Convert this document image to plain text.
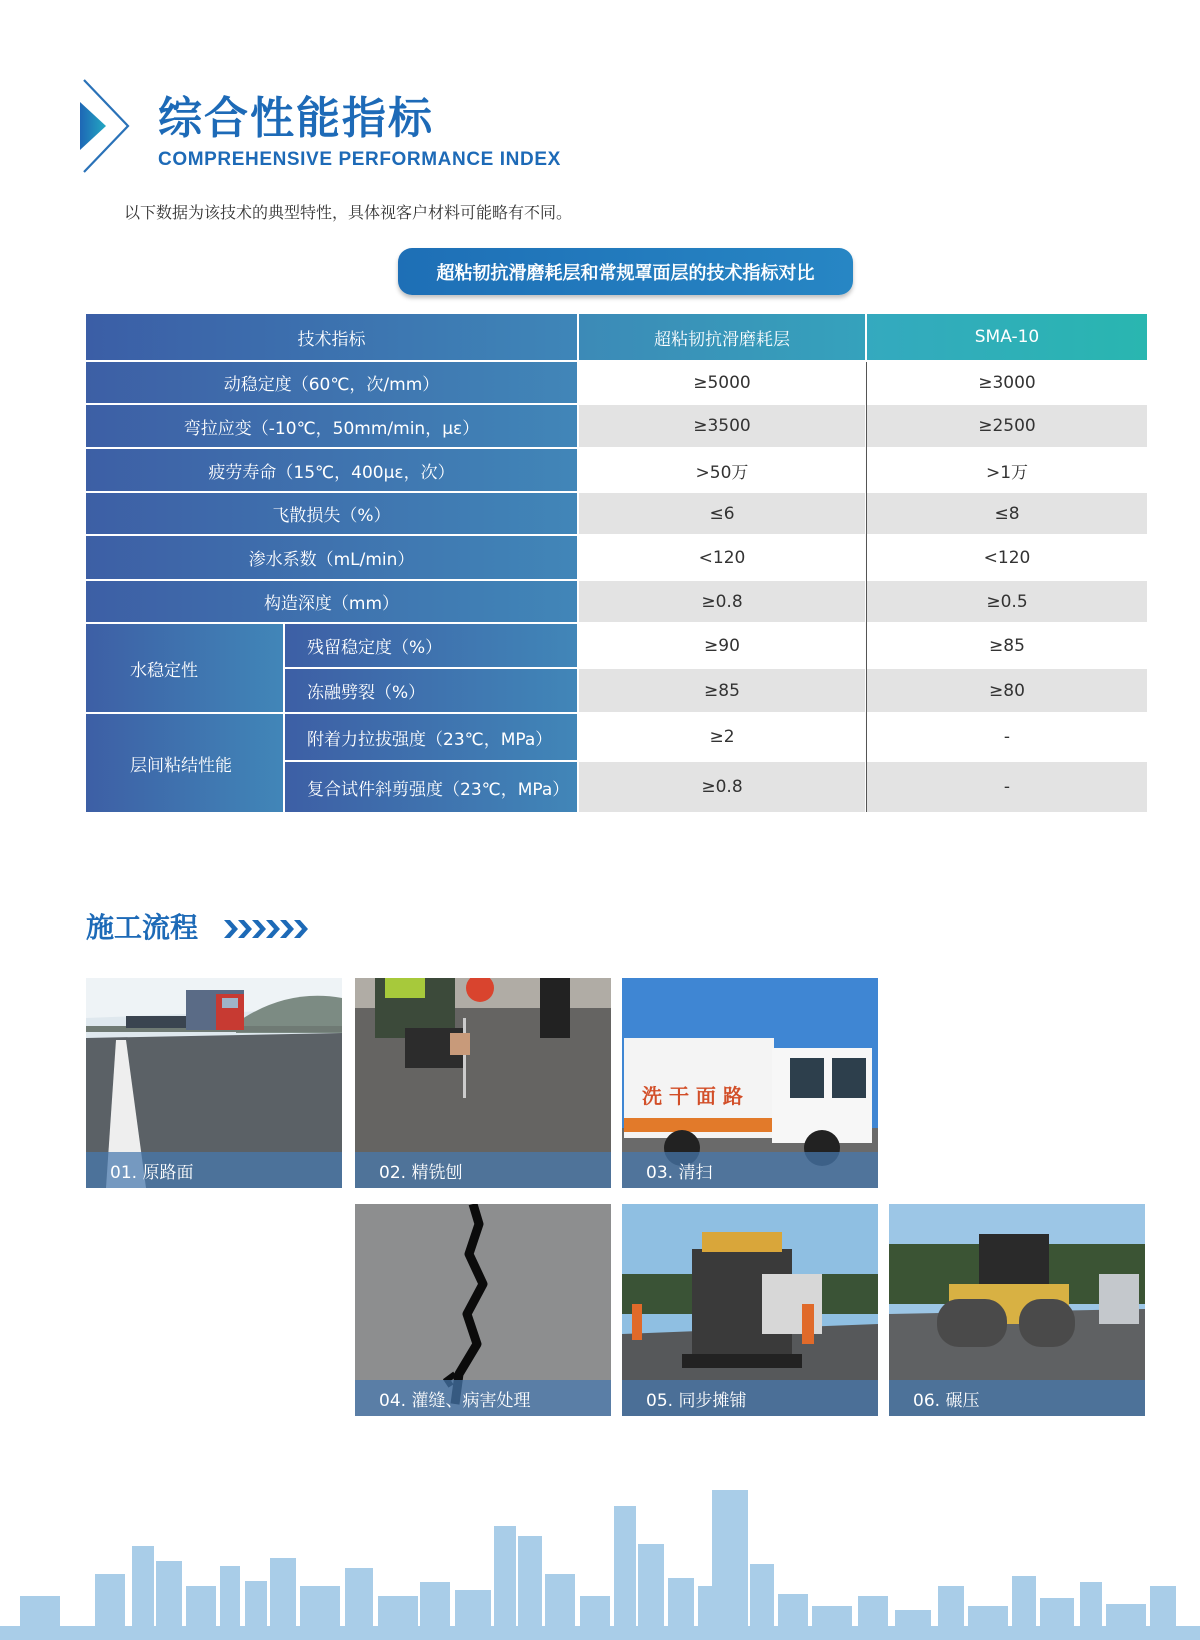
综合性能指标
COMPREHENSIVE PERFORMANCE INDEX
以下数据为该技术的典型特性，具体视客户材料可能略有不同。
超粘韧抗滑磨耗层和常规罩面层的技术指标对比
技术指标	超粘韧抗滑磨耗层	SMA-10
动稳定度（60℃，次/mm）	≥5000	≥3000
弯拉应变（-10℃，50mm/min，με）	≥3500	≥2500
疲劳寿命（15℃，400με，次）	>50万	>1万
飞散损失（%）	≤6	≤8
渗水系数（mL/min）	<120	<120
构造深度（mm）	≥0.8	≥0.5
水稳定性
残留稳定度（%）	≥90	≥85
冻融劈裂（%）	≥85	≥80
层间粘结性能
附着力拉拔强度（23℃，MPa）	≥2	-
复合试件斜剪强度（23℃，MPa）	≥0.8	-
施工流程
01. 原路面	02. 精铣刨
洗 干 面 路
03. 清扫
04. 灌缝、病害处理	05. 同步摊铺	06. 碾压
